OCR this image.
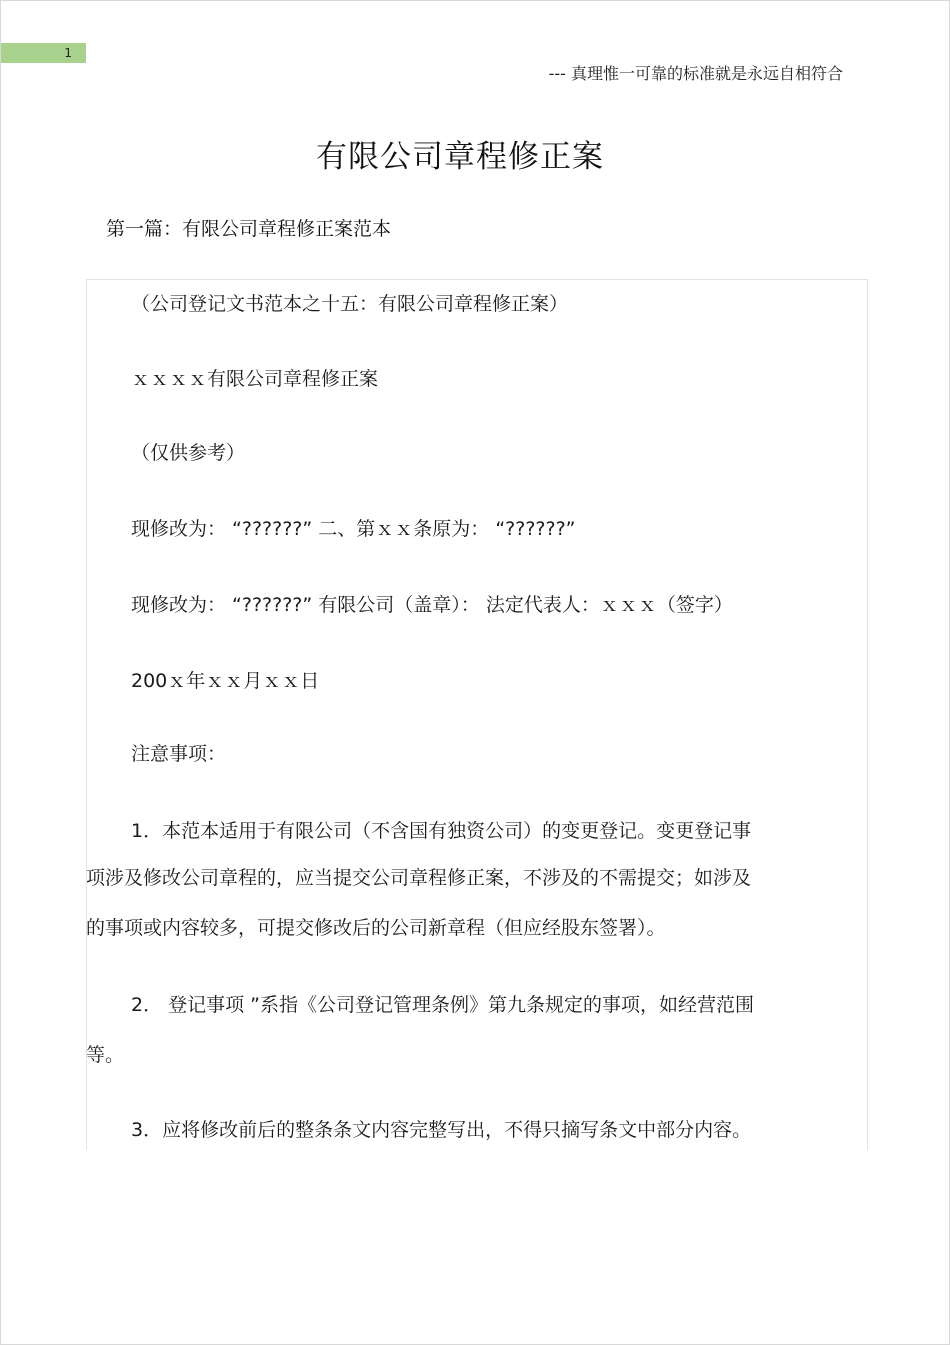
1
--- 真理惟一可靠的标准就是永远自相符合
有限公司章程修正案
第一篇：有限公司章程修正案范本
（公司登记文书范本之十五：有限公司章程修正案）
ｘｘｘｘ有限公司章程修正案
（仅供参考）
现修改为： “??????” 二、第ｘｘ条原为： “??????”
现修改为： “??????” 有限公司（盖章）： 法定代表人：ｘｘｘ（签字）
200ｘ年ｘｘ月ｘｘ日
注意事项：
1．本范本适用于有限公司（不含国有独资公司）的变更登记。变更登记事
项涉及修改公司章程的，应当提交公司章程修正案，不涉及的不需提交；如涉及
的事项或内容较多，可提交修改后的公司新章程（但应经股东签署）。
2． 登记事项 ”系指《公司登记管理条例》第九条规定的事项，如经营范围
等。
3．应将修改前后的整条条文内容完整写出，不得只摘写条文中部分内容。
